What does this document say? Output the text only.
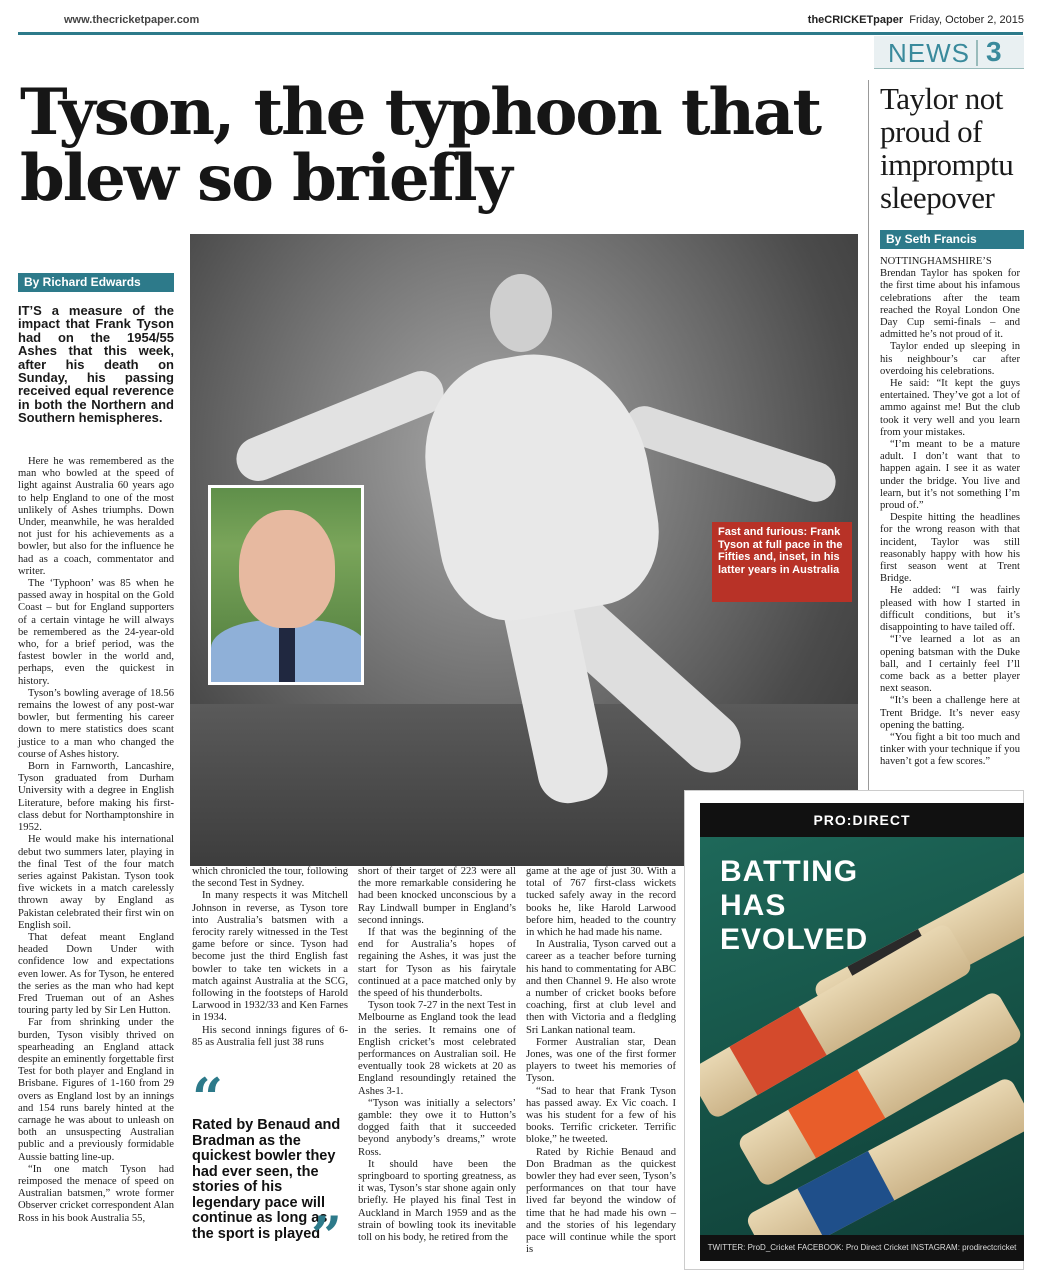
www.thecricketpaper.com	theCRICKETpaper Friday, October 2, 2015
NEWS 3
Tyson, the typhoon that blew so briefly
Taylor not proud of impromptu sleepover
By Seth Francis

NOTTINGHAMSHIRE’S Brendan Taylor has spoken for the first time about his infamous celebrations after the team reached the Royal London One Day Cup semi-finals – and admitted he’s not proud of it.

Taylor ended up sleeping in his neighbour’s car after overdoing his celebrations.

He said: “It kept the guys entertained. They’ve got a lot of ammo against me! But the club took it very well and you learn from your mistakes.

“I’m meant to be a mature adult. I don’t want that to happen again. I see it as water under the bridge. You live and learn, but it’s not something I’m proud of.”

Despite hitting the headlines for the wrong reason with that incident, Taylor was still reasonably happy with how his first season went at Trent Bridge.

He added: “I was fairly pleased with how I started in difficult conditions, but it’s disappointing to have tailed off.

“I’ve learned a lot as an opening batsman with the Duke ball, and I certainly feel I’ll come back as a better player next season.

“It’s been a challenge here at Trent Bridge. It’s never easy opening the batting.

“You fight a bit too much and tinker with your technique if you haven’t got a few scores.”

By Richard Edwards
IT’S a measure of the impact that Frank Tyson had on the 1954/55 Ashes that this week, after his death on Sunday, his passing received equal reverence in both the Northern and Southern hemispheres.

Here he was remembered as the man who bowled at the speed of light against Australia 60 years ago to help England to one of the most unlikely of Ashes triumphs. Down Under, meanwhile, he was heralded not just for his achievements as a bowler, but also for the influence he had as a coach, commentator and writer.

The ‘Typhoon’ was 85 when he passed away in hospital on the Gold Coast – but for England supporters of a certain vintage he will always be remembered as the 24-year-old who, for a brief period, was the fastest bowler in the world and, perhaps, even the quickest in history.

Tyson’s bowling average of 18.56 remains the lowest of any post-war bowler, but fermenting his career down to mere statistics does scant justice to a man who changed the course of Ashes history.

Born in Farnworth, Lancashire, Tyson graduated from Durham University with a degree in English Literature, before making his first-class debut for Northamptonshire in 1952.

He would make his international debut two summers later, playing in the final Test of the four match series against Pakistan. Tyson took five wickets in a match carelessly thrown away by England as Pakistan celebrated their first win on English soil.

That defeat meant England headed Down Under with confidence low and expectations even lower. As for Tyson, he entered the series as the man who had kept Fred Trueman out of an Ashes touring party led by Sir Len Hutton.

Far from shrinking under the burden, Tyson visibly thrived on spearheading an England attack despite an eminently forgettable first Test for both player and England in Brisbane. Figures of 1-160 from 29 overs as England lost by an innings and 154 runs barely hinted at the carnage he was about to unleash on both an unsuspecting Australian public and a previously formidable Aussie batting line-up.

“In one match Tyson had reimposed the menace of speed on Australian batsmen,” wrote former Observer cricket correspondent Alan Ross in his book Australia 55,

Fast and furious: Frank Tyson at full pace in the Fifties and, inset, in his latter years in Australia

which chronicled the tour, following the second Test in Sydney.

In many respects it was Mitchell Johnson in reverse, as Tyson tore into Australia’s batsmen with a ferocity rarely witnessed in the Test game before or since. Tyson had become just the third English fast bowler to take ten wickets in a match against Australia at the SCG, following in the footsteps of Harold Larwood in 1932/33 and Ken Farnes in 1934.

His second innings figures of 6-85 as Australia fell just 38 runs

“
Rated by Benaud and Bradman as the quickest bowler they had ever seen, the stories of his legendary pace will continue as long as the sport is played
”

short of their target of 223 were all the more remarkable considering he had been knocked unconscious by a Ray Lindwall bumper in England’s second innings.

If that was the beginning of the end for Australia’s hopes of regaining the Ashes, it was just the start for Tyson as his fairytale continued at a pace matched only by the speed of his thunderbolts.

Tyson took 7-27 in the next Test in Melbourne as England took the lead in the series. It remains one of English cricket’s most celebrated performances on Australian soil. He eventually took 28 wickets at 20 as England resoundingly retained the Ashes 3-1.

“Tyson was initially a selectors’ gamble: they owe it to Hutton’s dogged faith that it succeeded beyond anybody’s dreams,” wrote Ross.

It should have been the springboard to sporting greatness, as it was, Tyson’s star shone again only briefly. He played his final Test in Auckland in March 1959 and as the strain of bowling took its inevitable toll on his body, he retired from the

game at the age of just 30. With a total of 767 first-class wickets tucked safely away in the record books he, like Harold Larwood before him, headed to the country in which he had made his name.

In Australia, Tyson carved out a career as a teacher before turning his hand to commentating for ABC and then Channel 9. He also wrote a number of cricket books before coaching, first at club level and then with Victoria and a fledgling Sri Lankan national team.

Former Australian star, Dean Jones, was one of the first former players to tweet his memories of Tyson.

“Sad to hear that Frank Tyson has passed away. Ex Vic coach. I was his student for a few of his books. Terrific cricketer. Terrific bloke,” he tweeted.

Rated by Richie Benaud and Don Bradman as the quickest bowler they had ever seen, Tyson’s performances on that tour have lived far beyond the window of time that he had made his own – and the stories of his legendary pace will continue while the sport is

PRO:DIRECT
BATTING HAS EVOLVED
TWITTER: ProD_Cricket FACEBOOK: Pro Direct Cricket INSTAGRAM: prodirectcricket
